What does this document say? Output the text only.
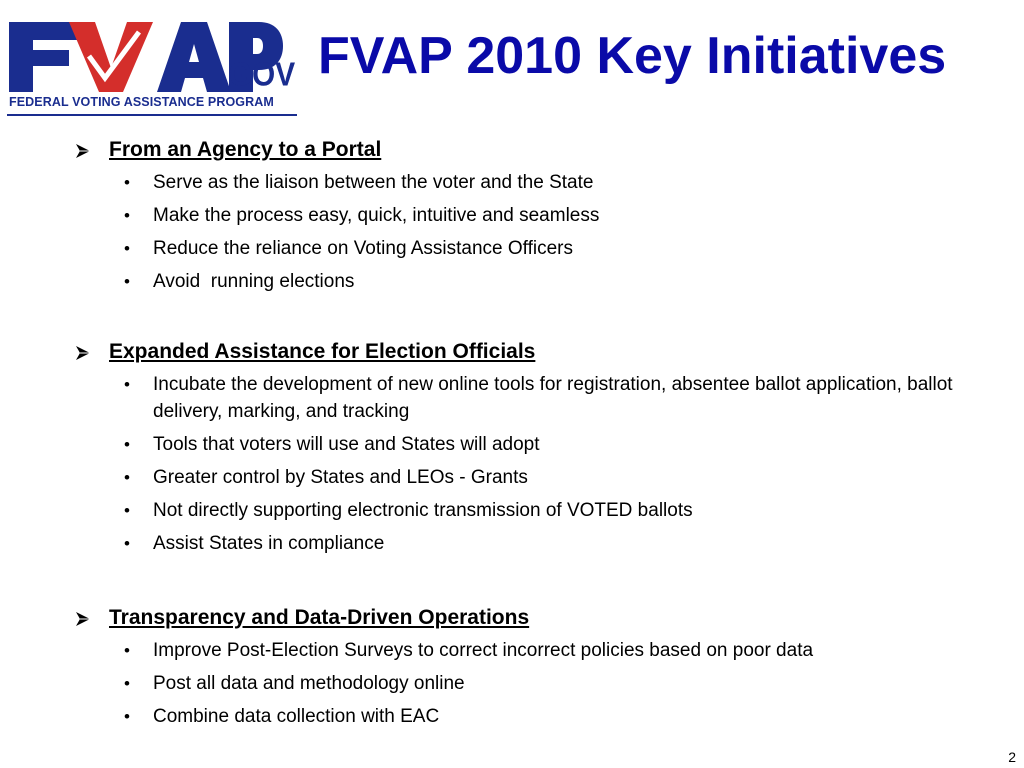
GOV
FEDERAL VOTING ASSISTANCE PROGRAM
FVAP 2010 Key Initiatives
From an Agency to a Portal
• Serve as the liaison between the voter and the State
• Make the process easy, quick, intuitive and seamless
• Reduce the reliance on Voting Assistance Officers
• Avoid  running elections
Expanded Assistance for Election Officials
• Incubate the development of new online tools for registration, absentee ballot application, ballot delivery, marking, and tracking
• Tools that voters will use and States will adopt
• Greater control by States and LEOs - Grants
• Not directly supporting electronic transmission of VOTED ballots
• Assist States in compliance
Transparency and Data-Driven Operations
• Improve Post-Election Surveys to correct incorrect policies based on poor data
• Post all data and methodology online
• Combine data collection with EAC
2
